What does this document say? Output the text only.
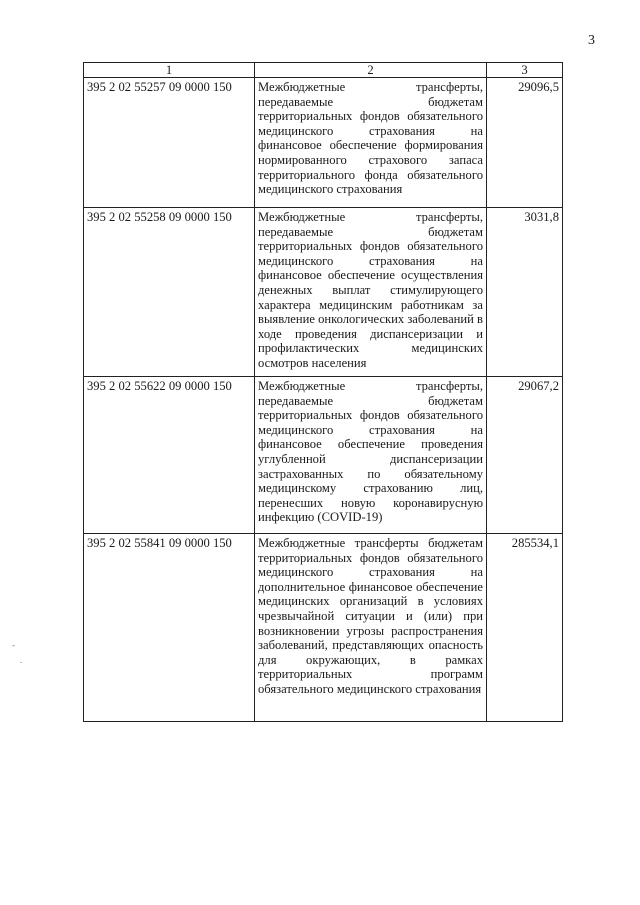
3
1	2	3
395 2 02 55257 09 0000 150	Межбюджетные трансферты, передаваемые бюджетам территориальных фондов обязательного медицинского страхования на финансовое обеспечение формирования нормированного страхового запаса территориального фонда обязательного медицинского страхования	29096,5
395 2 02 55258 09 0000 150	Межбюджетные трансферты, передаваемые бюджетам территориальных фондов обязательного медицинского страхования на финансовое обеспечение осуществления денежных выплат стимулирующего характера медицинским работникам за выявление онкологических заболеваний в ходе проведения диспансеризации и профилактических медицинских осмотров населения	3031,8
395 2 02 55622 09 0000 150	Межбюджетные трансферты, передаваемые бюджетам территориальных фондов обязательного медицинского страхования на финансовое обеспечение проведения углубленной диспансеризации застрахованных по обязательному медицинскому страхованию лиц, перенесших новую коронавирусную инфекцию (COVID-19)	29067,2
395 2 02 55841 09 0000 150	Межбюджетные трансферты бюджетам территориальных фондов обязательного медицинского страхования на дополнительное финансовое обеспечение медицинских организаций в условиях чрезвычайной ситуации и (или) при возникновении угрозы распространения заболеваний, представляющих опасность для окружающих, в рамках территориальных программ обязательного медицинского страхования	285534,1
-
.
